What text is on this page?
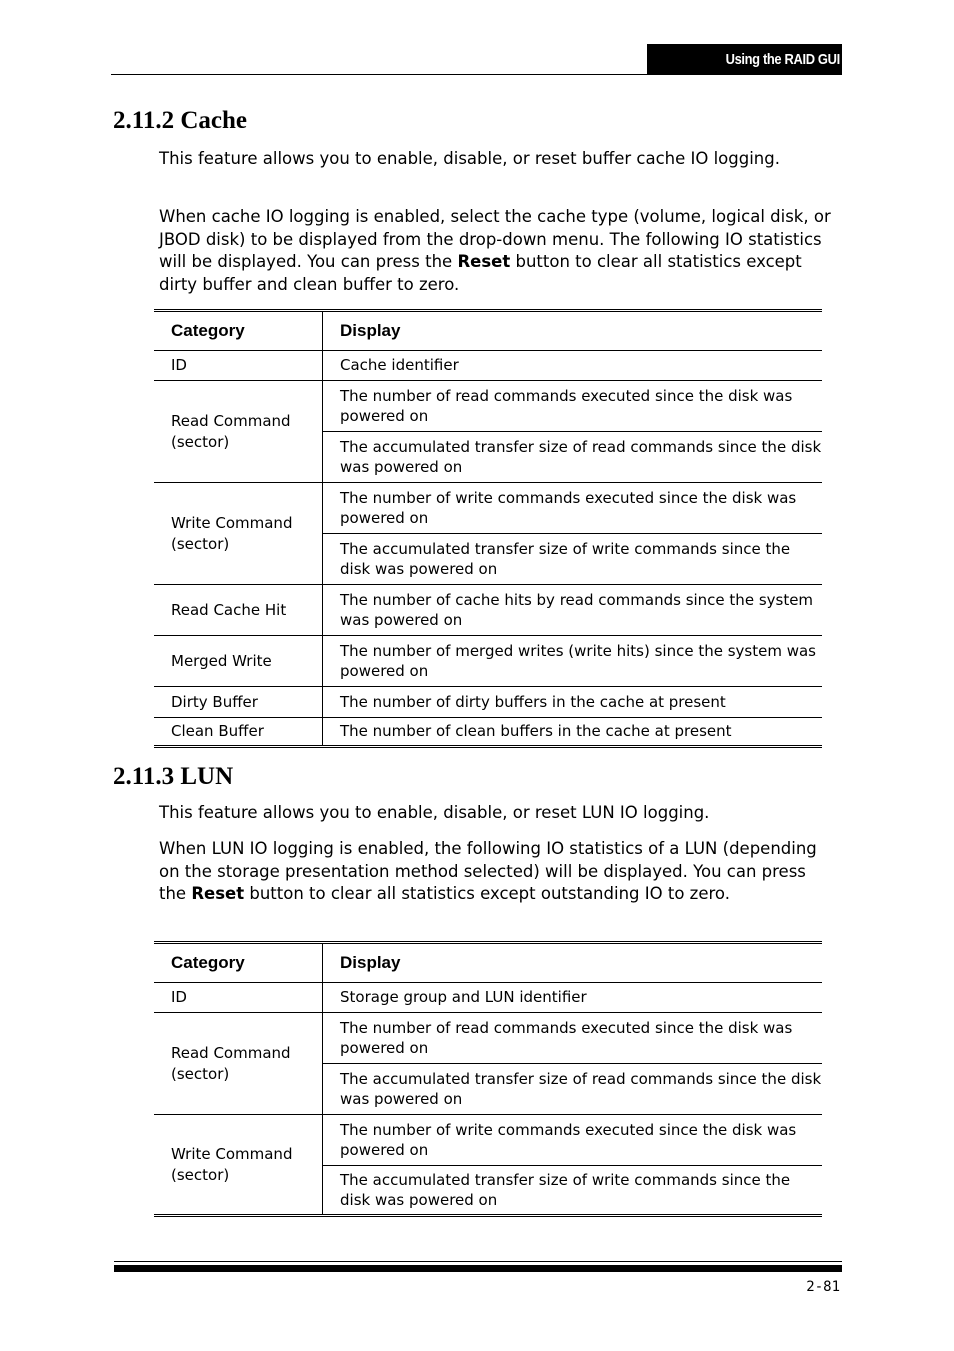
Using the RAID GUI
2.11.2 Cache

This feature allows you to enable, disable, or reset buffer cache IO logging.

When cache IO logging is enabled, select the cache type (volume, logical disk, or JBOD disk) to be displayed from the drop-down menu. The following IO statistics will be displayed. You can press the Reset button to clear all statistics except dirty buffer and clean buffer to zero.

Category	Display
ID	Cache identifier
Read Command (sector)	The number of read commands executed since the disk was powered on
	The accumulated transfer size of read commands since the disk was powered on
Write Command (sector)	The number of write commands executed since the disk was powered on
	The accumulated transfer size of write commands since the disk was powered on
Read Cache Hit	The number of cache hits by read commands since the system was powered on
Merged Write	The number of merged writes (write hits) since the system was powered on
Dirty Buffer	The number of dirty buffers in the cache at present
Clean Buffer	The number of clean buffers in the cache at present
2.11.3 LUN

This feature allows you to enable, disable, or reset LUN IO logging.

When LUN IO logging is enabled, the following IO statistics of a LUN (depending on the storage presentation method selected) will be displayed. You can press the Reset button to clear all statistics except outstanding IO to zero.

Category	Display
ID	Storage group and LUN identifier
Read Command (sector)	The number of read commands executed since the disk was powered on
	The accumulated transfer size of read commands since the disk was powered on
Write Command (sector)	The number of write commands executed since the disk was powered on
	The accumulated transfer size of write commands since the disk was powered on
2-81
